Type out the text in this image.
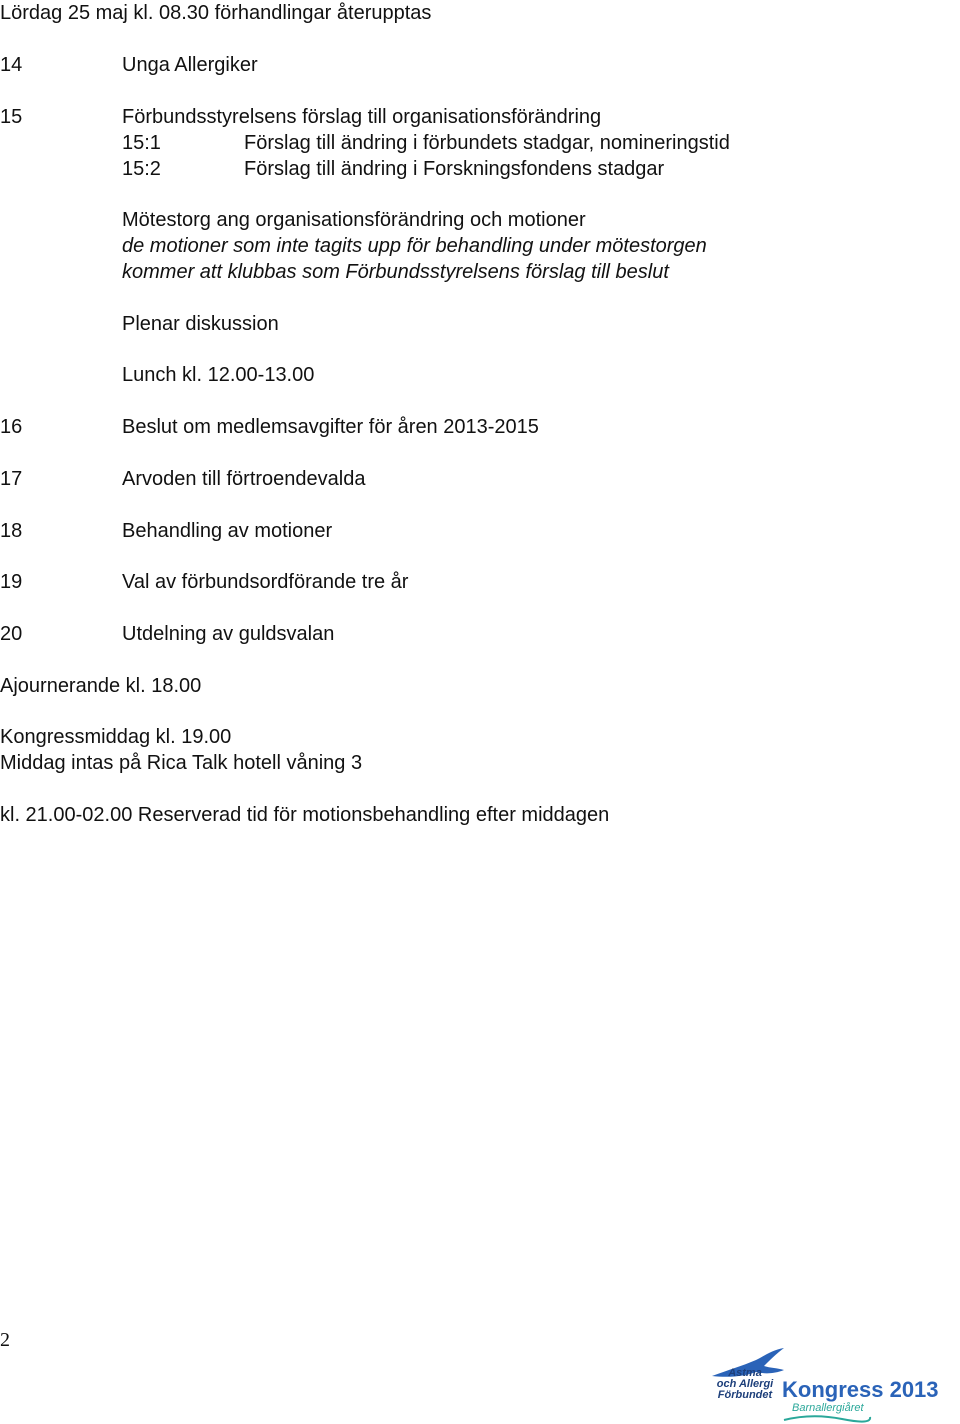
Lördag 25 maj kl. 08.30 förhandlingar återupptas
14	Unga Allergiker
15	Förbundsstyrelsens förslag till organisationsförändring
15:1	Förslag till ändring i förbundets stadgar, nomineringstid
15:2	Förslag till ändring i Forskningsfondens stadgar
Mötestorg ang organisationsförändring och motioner
de motioner som inte tagits upp för behandling under mötestorgen
kommer att klubbas som Förbundsstyrelsens förslag till beslut
Plenar diskussion
Lunch kl. 12.00-13.00
16	Beslut om medlemsavgifter för åren 2013-2015
17	Arvoden till förtroendevalda
18	Behandling av motioner
19	Val av förbundsordförande tre år
20	Utdelning av guldsvalan
Ajournerande kl. 18.00
Kongressmiddag kl. 19.00
Middag intas på Rica Talk hotell våning 3
kl. 21.00-02.00 Reserverad tid för motionsbehandling efter middagen
2
Astma
och Allergi
Förbundet Kongress 2013
Barnallergiåret
